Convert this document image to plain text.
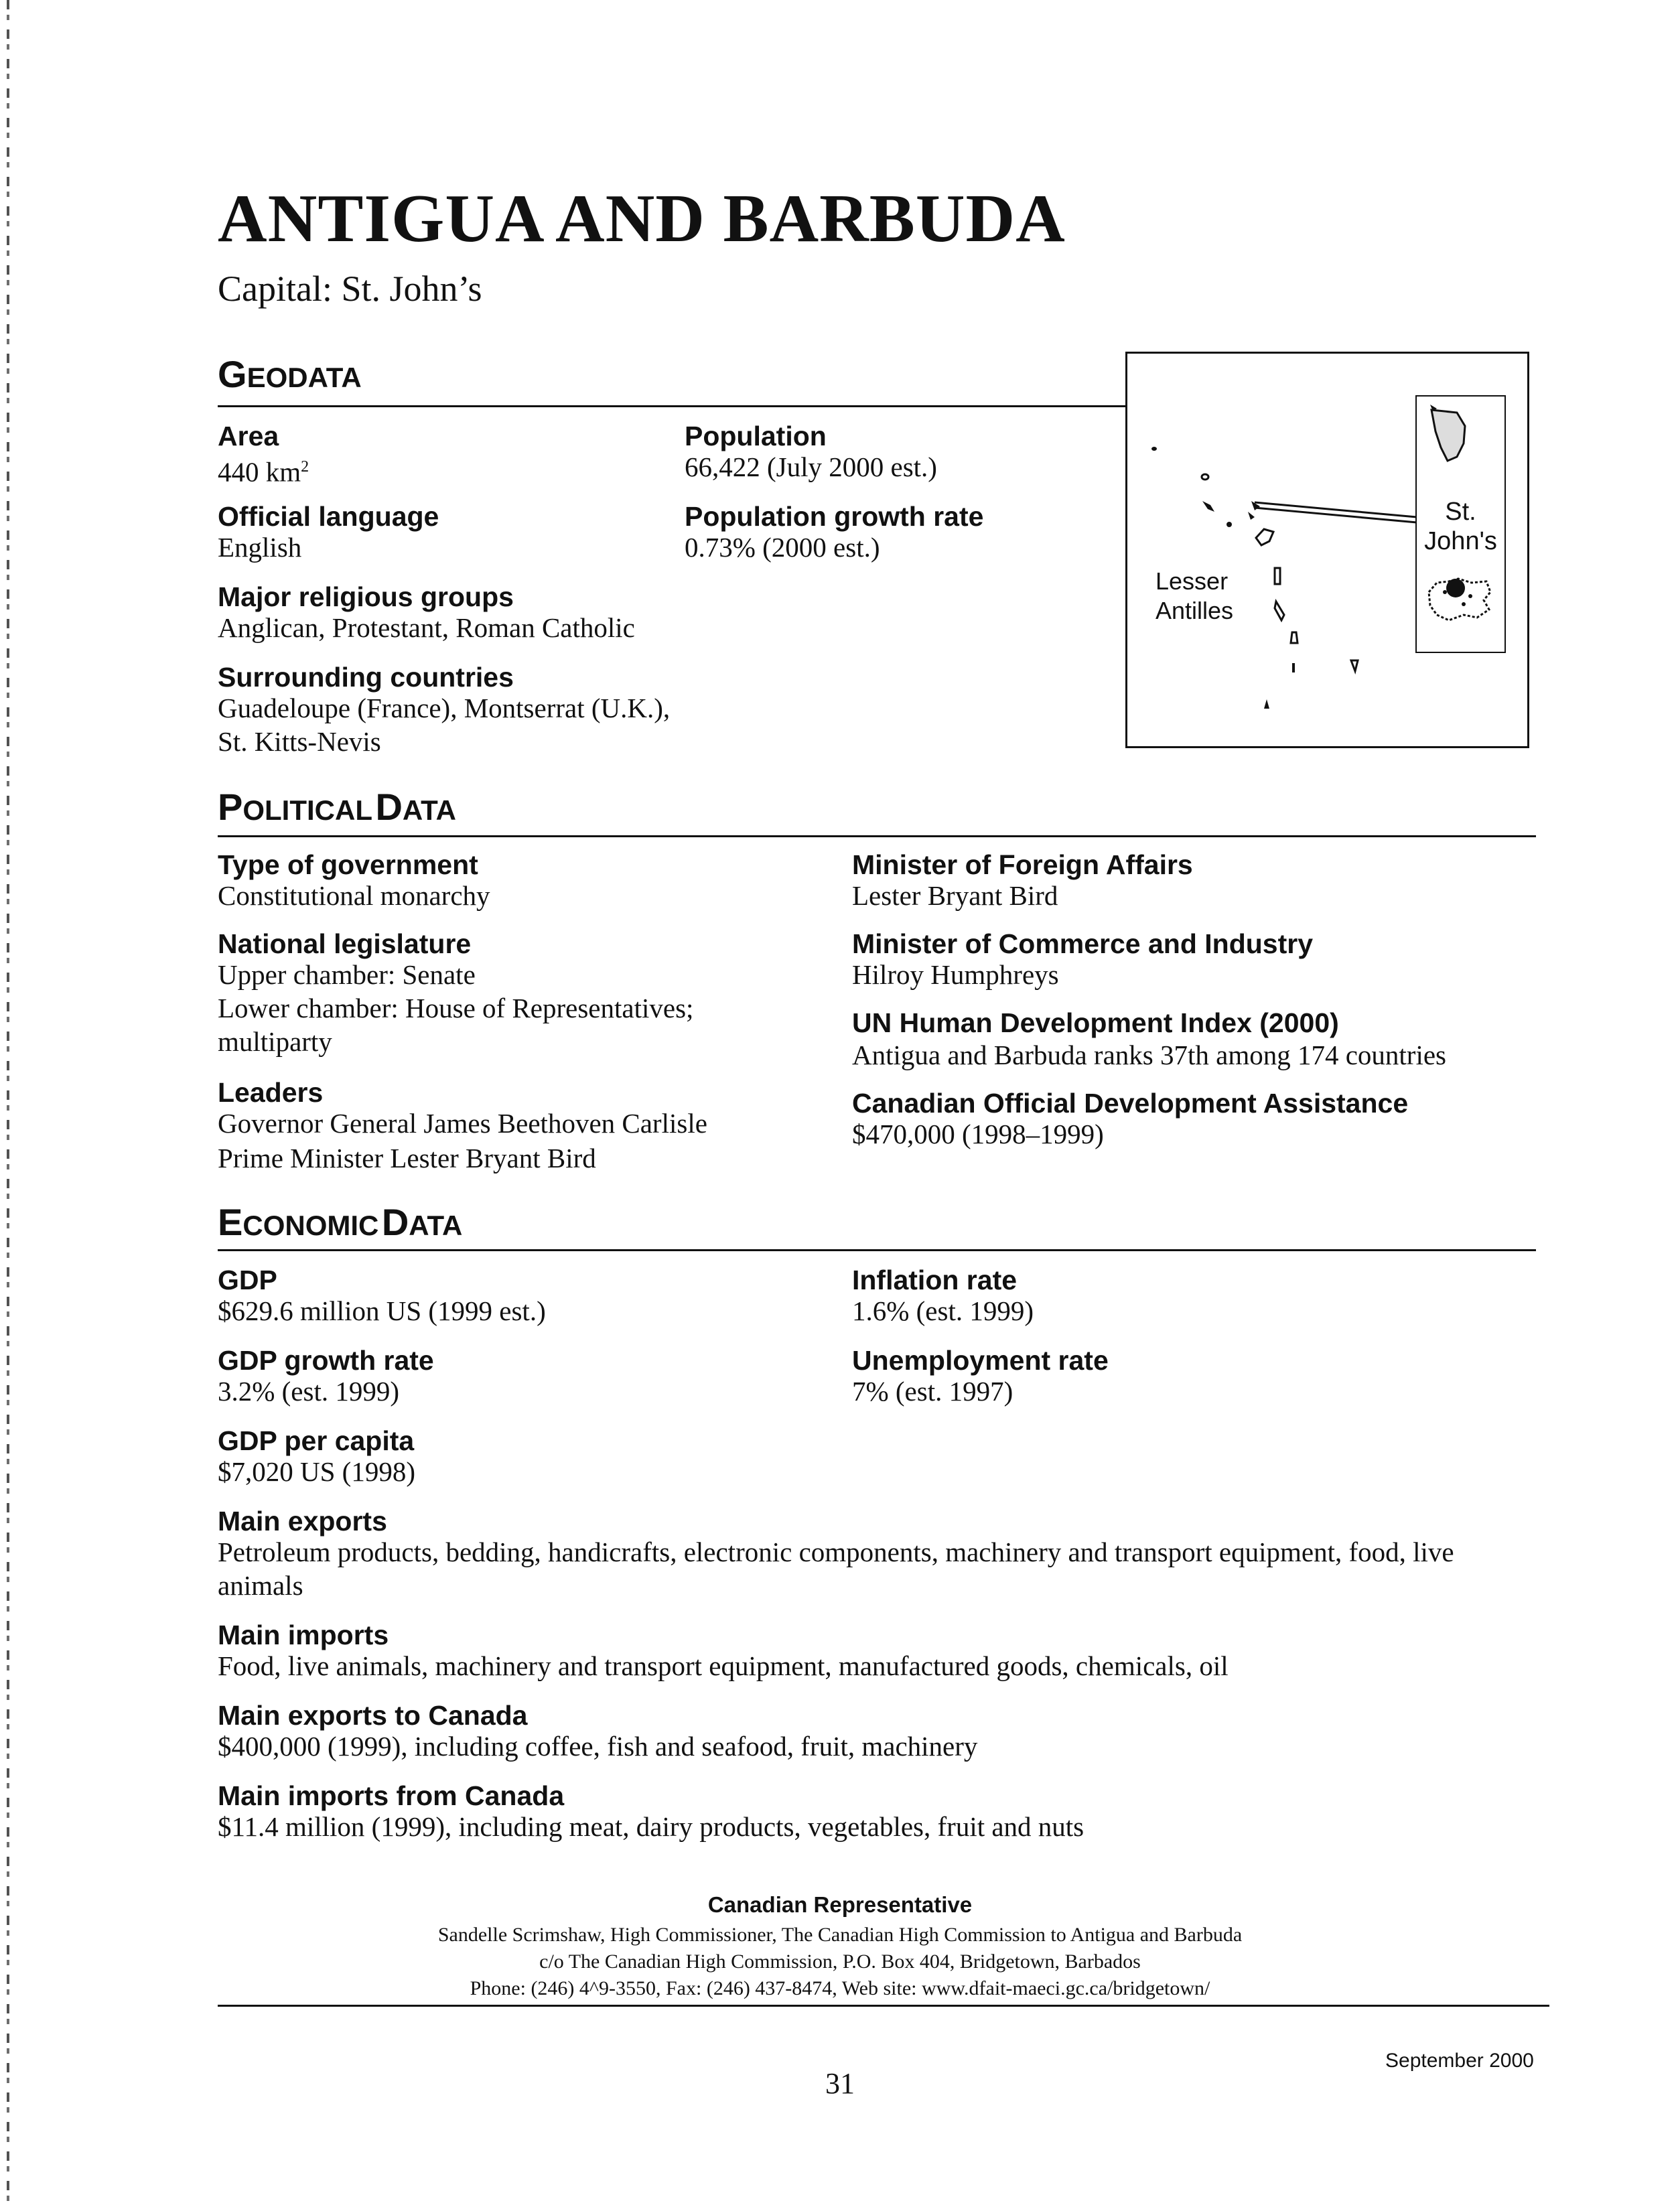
ANTIGUA AND BARBUDA
Capital: St. John’s
GEODATA
Area
440 $km^2$
Population
66,422 (July 2000 est.)
Official language
English
Population growth rate
0.73% (2000 est.)
Major religious groups
Anglican, Protestant, Roman Catholic
Surrounding countries
Guadeloupe (France), Montserrat (U.K.),
St. Kitts-Nevis
Lesser
Antilles
St.
John's
POLITICAL DATA
Type of government
Constitutional monarchy
National legislature
Upper chamber: Senate
Lower chamber: House of Representatives;
multiparty
Leaders
Governor General James Beethoven Carlisle
Prime Minister Lester Bryant Bird
Minister of Foreign Affairs
Lester Bryant Bird
Minister of Commerce and Industry
Hilroy Humphreys
UN Human Development Index (2000)
Antigua and Barbuda ranks 37th among 174 countries
Canadian Official Development Assistance
$470,000 (1998–1999)
ECONOMIC DATA
GDP
$629.6 million US (1999 est.)
GDP growth rate
3.2% (est. 1999)
GDP per capita
$7,020 US (1998)
Inflation rate
1.6% (est. 1999)
Unemployment rate
7% (est. 1997)
Main exports
Petroleum products, bedding, handicrafts, electronic components, machinery and transport equipment, food, live
animals
Main imports
Food, live animals, machinery and transport equipment, manufactured goods, chemicals, oil
Main exports to Canada
$400,000 (1999), including coffee, fish and seafood, fruit, machinery
Main imports from Canada
$11.4 million (1999), including meat, dairy products, vegetables, fruit and nuts
Canadian Representative
Sandelle Scrimshaw, High Commissioner, The Canadian High Commission to Antigua and Barbuda
c/o The Canadian High Commission, P.O. Box 404, Bridgetown, Barbados
Phone: (246) 4^9-3550, Fax: (246) 437-8474, Web site: www.dfait-maeci.gc.ca/bridgetown/
September 2000
31
